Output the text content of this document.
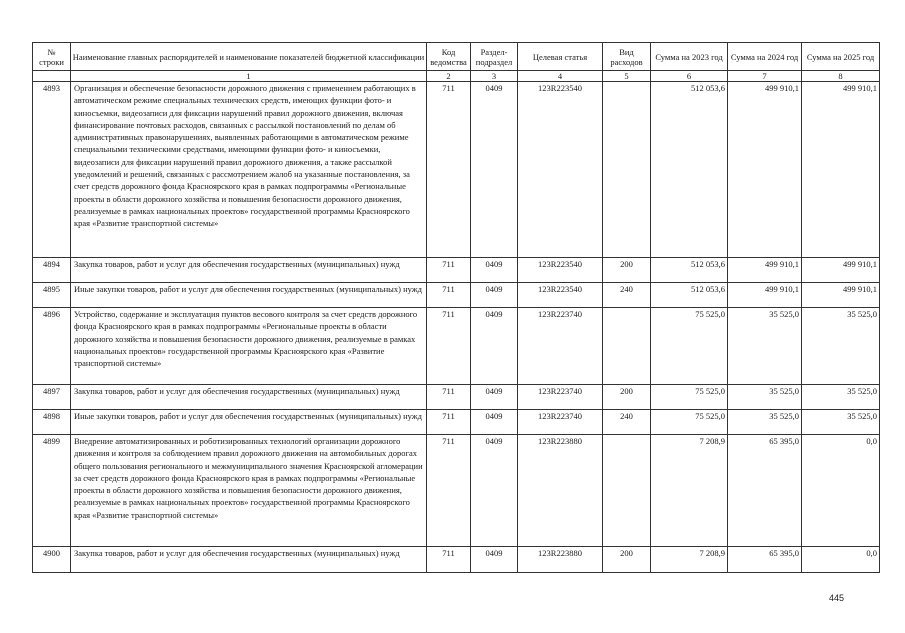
№
строки	Наименование главных распорядителей и наименование показателей бюджетной классификации	Код ведомства	Раздел-подраздел	Целевая статья	Вид расходов	Сумма на 2023 год	Сумма на 2024 год	Сумма на 2025 год
	1	2	3	4	5	6	7	8
4893	Организация и обеспечение безопасности дорожного движения с применением работающих в автоматическом режиме специальных технических средств, имеющих функции фото- и киносъемки, видеозаписи для фиксации нарушений правил дорожного движения, включая финансирование почтовых расходов, связанных с рассылкой постановлений по делам об административных правонарушениях, выявленных работающими в автоматическом режиме специальными техническими средствами, имеющими функции фото- и киносъемки, видеозаписи для фиксации нарушений правил дорожного движения, а также рассылкой уведомлений и решений, связанных с рассмотрением жалоб на указанные постановления, за счет средств дорожного фонда Красноярского края в рамках подпрограммы «Региональные проекты в области дорожного хозяйства и повышения безопасности дорожного движения, реализуемые в рамках национальных проектов» государственной программы Красноярского края «Развитие транспортной системы»	711	0409	123R223540		512 053,6	499 910,1	499 910,1
4894	Закупка товаров, работ и услуг для обеспечения государственных (муниципальных) нужд	711	0409	123R223540	200	512 053,6	499 910,1	499 910,1
4895	Иные закупки товаров, работ и услуг для обеспечения государственных (муниципальных) нужд	711	0409	123R223540	240	512 053,6	499 910,1	499 910,1
4896	Устройство, содержание и эксплуатация пунктов весового контроля за счет средств дорожного фонда Красноярского края в рамках подпрограммы «Региональные проекты в области дорожного хозяйства и повышения безопасности дорожного движения, реализуемые в рамках национальных проектов» государственной программы Красноярского края «Развитие транспортной системы»	711	0409	123R223740		75 525,0	35 525,0	35 525,0
4897	Закупка товаров, работ и услуг для обеспечения государственных (муниципальных) нужд	711	0409	123R223740	200	75 525,0	35 525,0	35 525,0
4898	Иные закупки товаров, работ и услуг для обеспечения государственных (муниципальных) нужд	711	0409	123R223740	240	75 525,0	35 525,0	35 525,0
4899	Внедрение автоматизированных и роботизированных технологий организации дорожного движения и контроля за соблюдением правил дорожного движения на автомобильных дорогах общего пользования регионального и межмуниципального значения Красноярской агломерации за счет средств дорожного фонда Красноярского края в рамках подпрограммы «Региональные проекты в области дорожного хозяйства и повышения безопасности дорожного движения, реализуемые в рамках национальных проектов» государственной программы Красноярского края «Развитие транспортной системы»	711	0409	123R223880		7 208,9	65 395,0	0,0
4900	Закупка товаров, работ и услуг для обеспечения государственных (муниципальных) нужд	711	0409	123R223880	200	7 208,9	65 395,0	0,0
445
